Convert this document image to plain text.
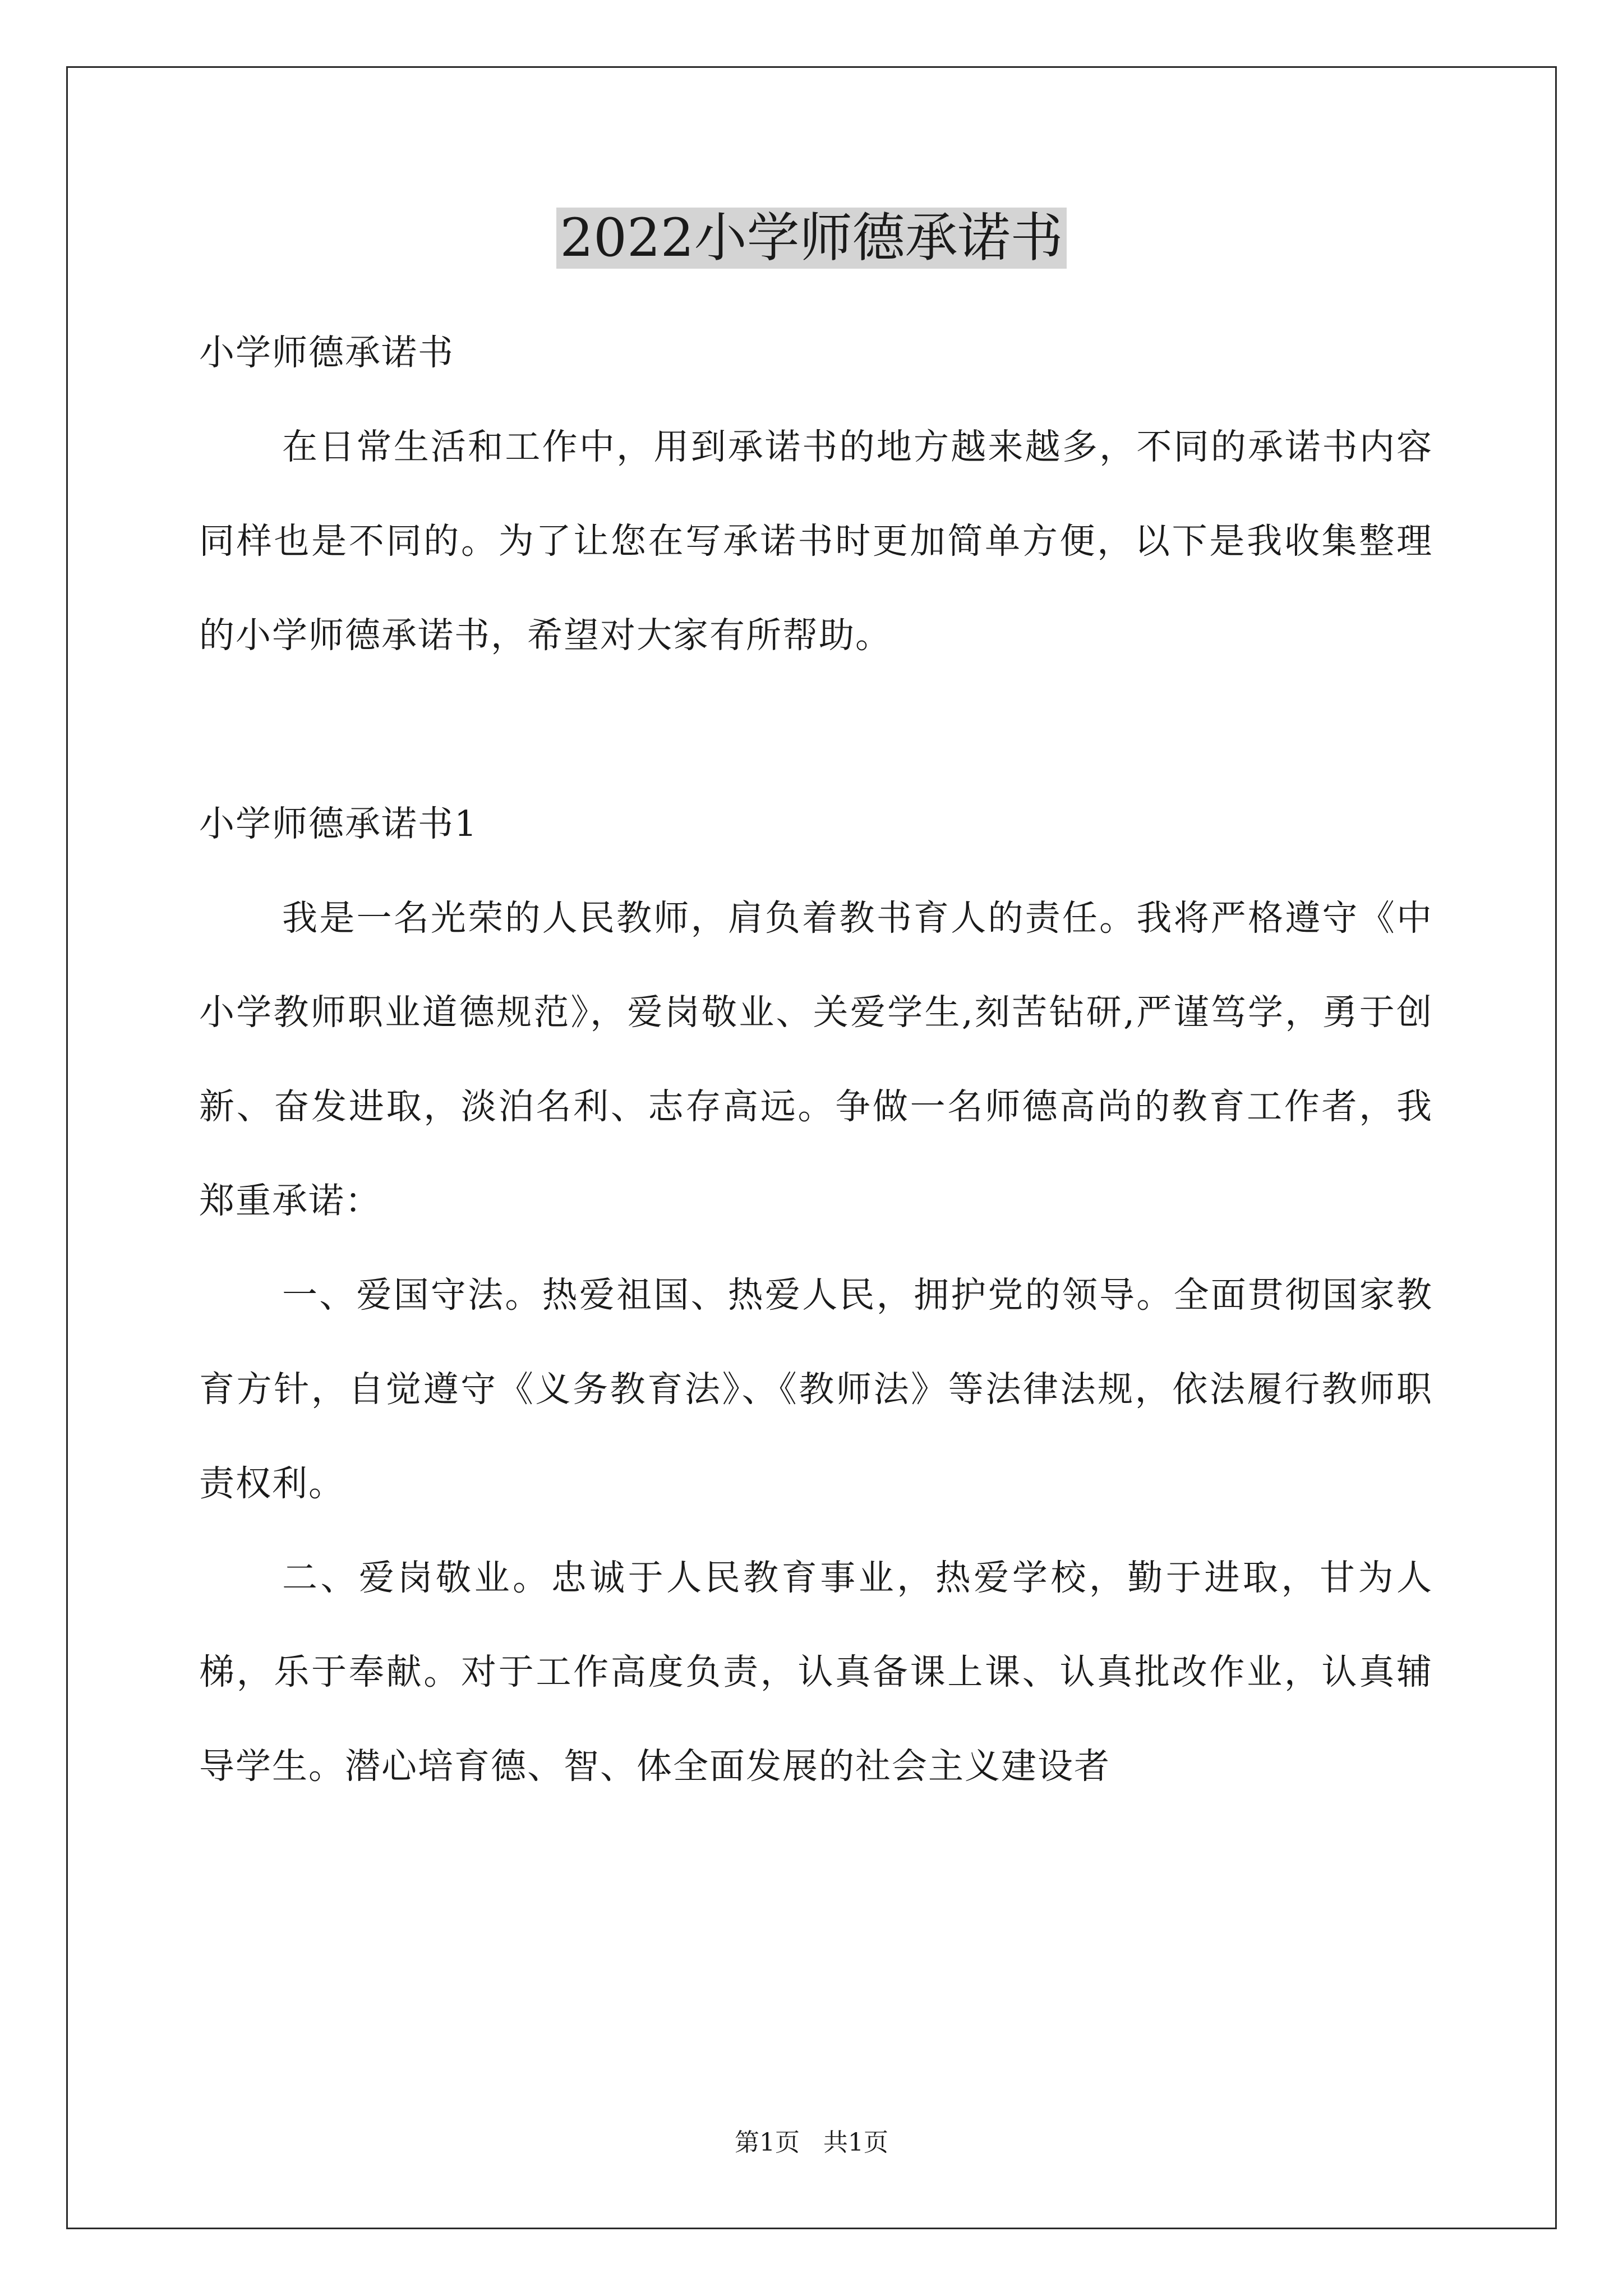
2022小学师德承诺书

小学师德承诺书

在日常生活和工作中，用到承诺书的地方越来越多，不同的承诺书内容同样也是不同的。为了让您在写承诺书时更加简单方便，以下是我收集整理的小学师德承诺书，希望对大家有所帮助。

小学师德承诺书1

我是一名光荣的人民教师，肩负着教书育人的责任。我将严格遵守《中小学教师职业道德规范》，爱岗敬业、关爱学生,刻苦钻研,严谨笃学，勇于创新、奋发进取，淡泊名利、志存高远。争做一名师德高尚的教育工作者，我郑重承诺：

一、爱国守法。热爱祖国、热爱人民，拥护党的领导。全面贯彻国家教育方针，自觉遵守《义务教育法》、《教师法》等法律法规，依法履行教师职责权利。

二、爱岗敬业。忠诚于人民教育事业，热爱学校，勤于进取，甘为人梯，乐于奉献。对于工作高度负责，认真备课上课、认真批改作业，认真辅导学生。潜心培育德、智、体全面发展的社会主义建设者

第1页   共1页
